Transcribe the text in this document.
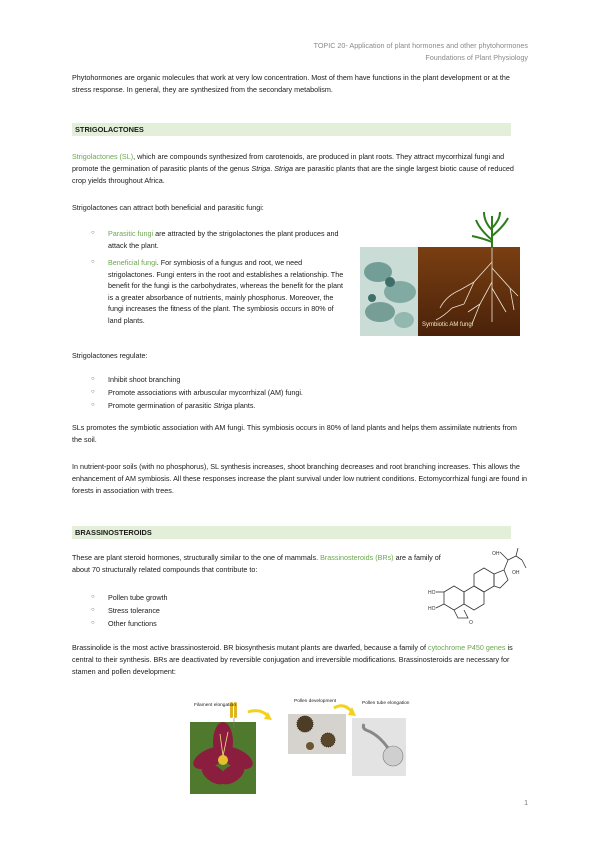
TOPIC 20- Application of plant hormones and other phytohormones
Foundations of Plant Physiology

Phytohormones are organic molecules that work at very low concentration. Most of them have functions in the plant development or at the stress response. In general, they are synthesized from the secondary metabolism.

STRIGOLACTONES

Strigolactones (SL), which are compounds synthesized from carotenoids, are produced in plant roots. They attract mycorrhizal fungi and promote the germination of parasitic plants of the genus Striga. Striga are parasitic plants that are the single largest biotic cause of reduced crop yields throughout Africa.

Strigolactones can attract both beneficial and parasitic fungi:

○ Parasitic fungi are attracted by the strigolactones the plant produces and attack the plant.
○ Beneficial fungi. For symbiosis of a fungus and root, we need strigolactones. Fungi enters in the root and establishes a relationship. The benefit for the fungi is the carbohydrates, whereas the benefit for the plant is a greater absorbance of nutrients, mainly phosphorus. Moreover, the fungi increases the fitness of the plant. The symbiosis occurs in 80% of land plants.
Symbiotic AM fungi

Strigolactones regulate:

○ Inhibit shoot branching
○ Promote associations with arbuscular mycorrhizal (AM) fungi.
○ Promote germination of parasitic Striga plants.

SLs promotes the symbiotic association with AM fungi. This symbiosis occurs in 80% of land plants and helps them assimilate nutrients from the soil.

In nutrient-poor soils (with no phosphorus), SL synthesis increases, shoot branching decreases and root branching increases. This allows the enhancement of AM symbiosis. All these responses increase the plant survival under low nutrient conditions. Ectomycorrhizal fungi are found in forests in association with trees.

BRASSINOSTEROIDS

These are plant steroid hormones, structurally similar to the one of mammals. Brassinosteroids (BRs) are a family of about 70 structurally related compounds that contribute to:

OH
OH
HO
HO
O
○ Pollen tube growth
○ Stress tolerance
○ Other functions

Brassinolide is the most active brassinosteroid. BR biosynthesis mutant plants are dwarfed, because a family of cytochrome P450 genes is central to their synthesis. BRs are deactivated by reversible conjugation and irreversible modifications. Brassinosteroids are necessary for stamen and pollen development:

Filament elongation
Pollen development	Pollen tube elongation
1
